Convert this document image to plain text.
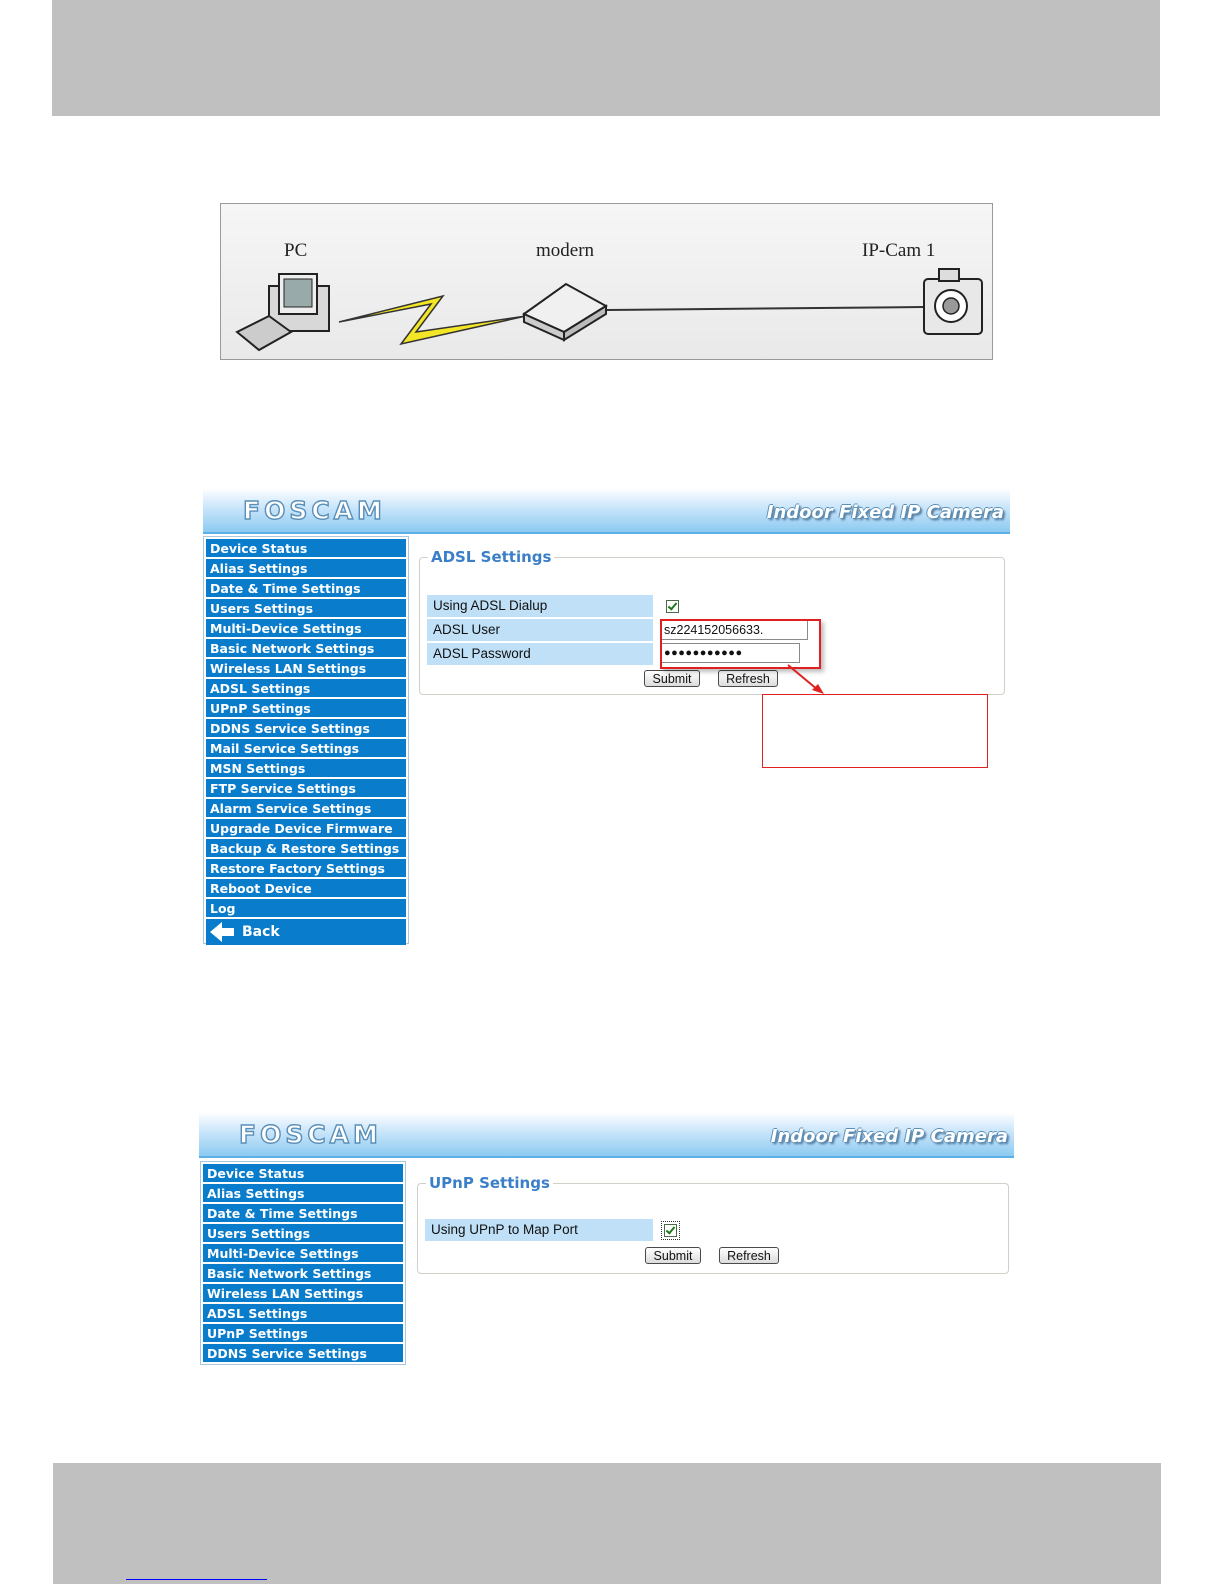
PC	modern	IP-Cam 1
FOSCAM	Indoor Fixed IP Camera
Device Status
Alias Settings
Date & Time Settings
Users Settings
Multi-Device Settings
Basic Network Settings
Wireless LAN Settings
ADSL Settings
UPnP Settings
DDNS Service Settings
Mail Service Settings
MSN Settings
FTP Service Settings
Alarm Service Settings
Upgrade Device Firmware
Backup & Restore Settings
Restore Factory Settings
Reboot Device
Log
Back
ADSL Settings
Using ADSL Dialup
ADSL User	sz224152056633.
ADSL Password	●●●●●●●●●●●
Submit	Refresh
FOSCAM	Indoor Fixed IP Camera
Device Status
Alias Settings
Date & Time Settings
Users Settings
Multi-Device Settings
Basic Network Settings
Wireless LAN Settings
ADSL Settings
UPnP Settings
DDNS Service Settings
UPnP Settings
Using UPnP to Map Port
Submit	Refresh
